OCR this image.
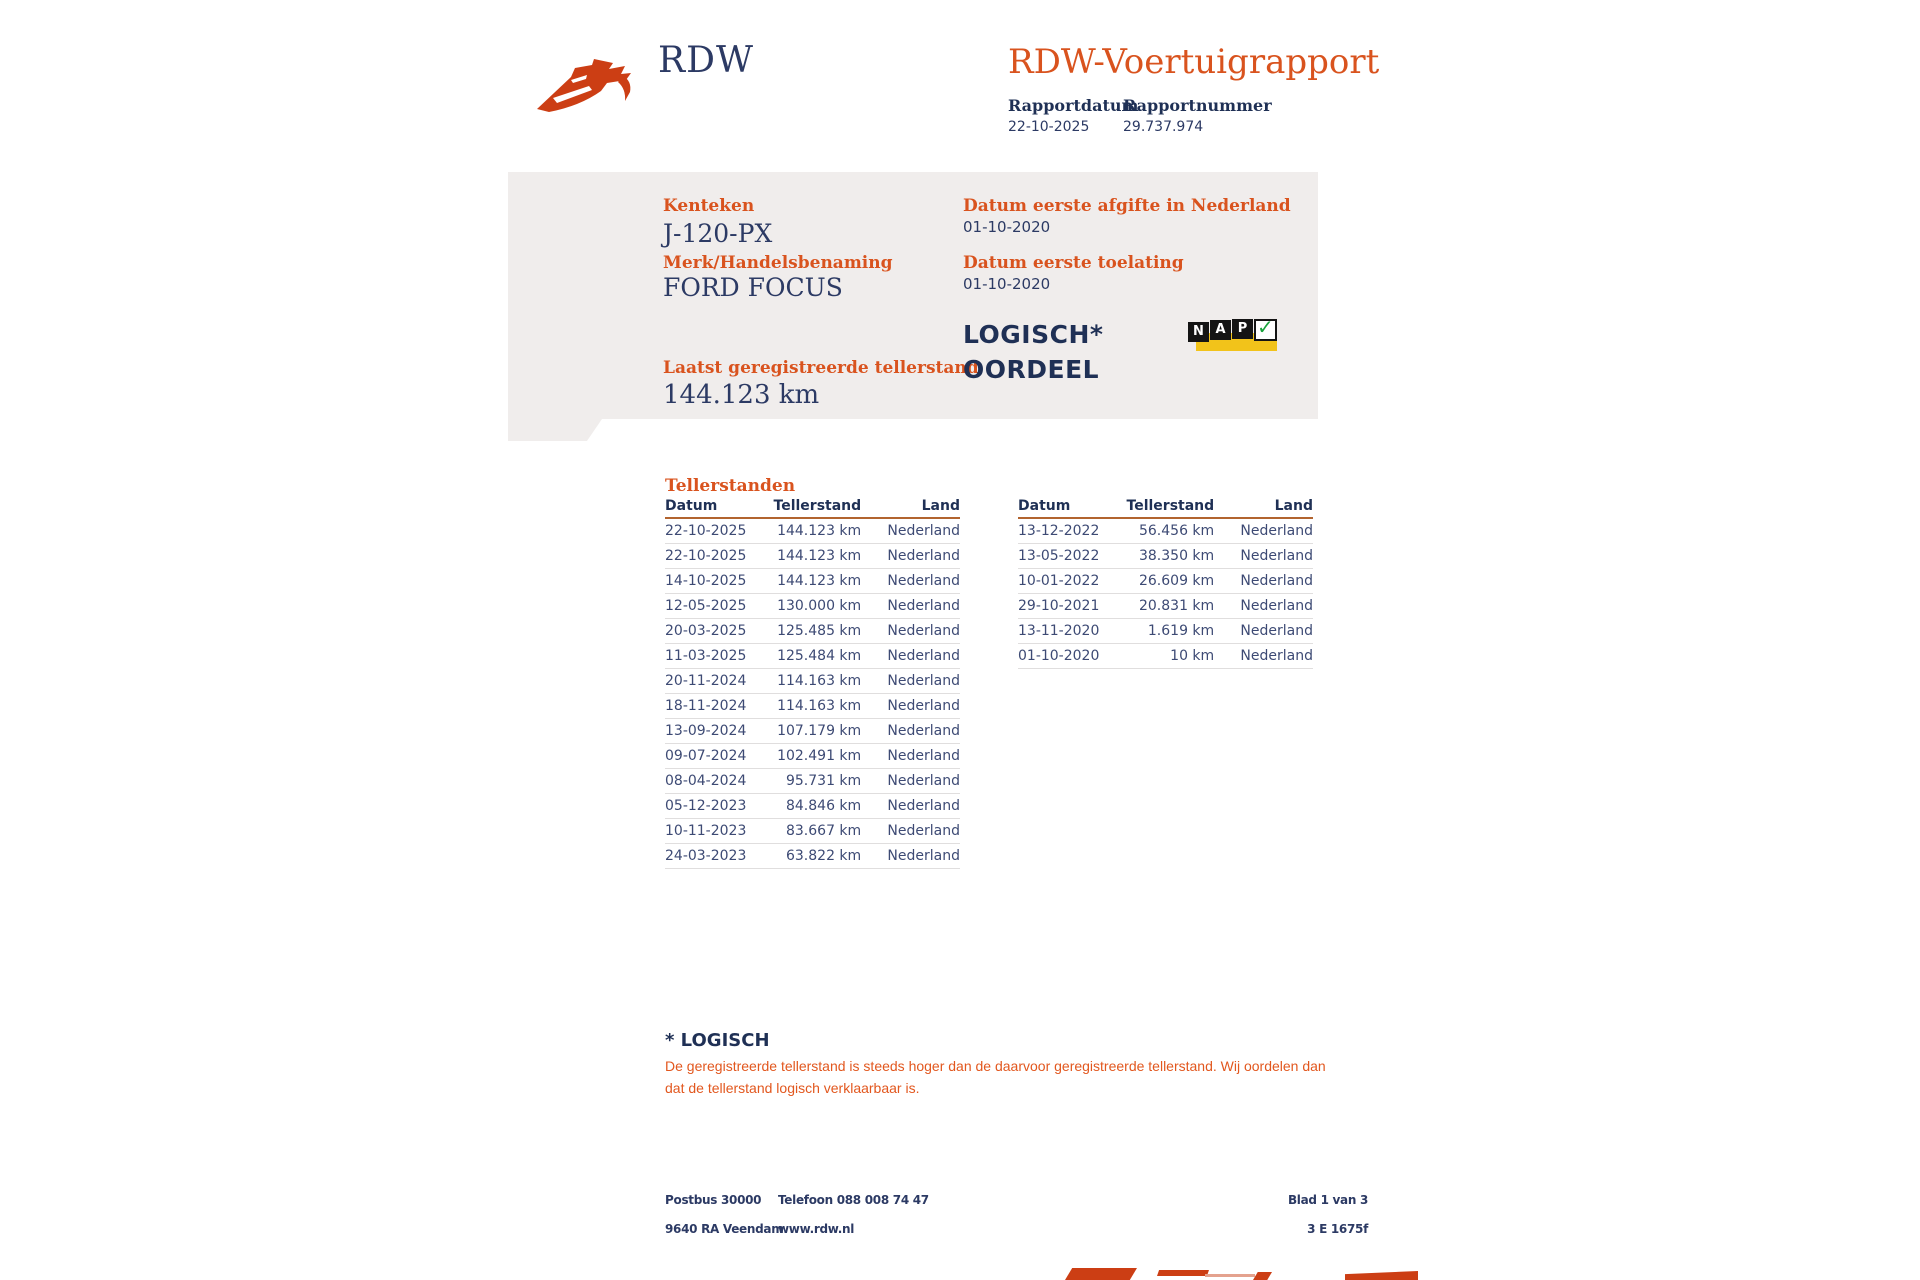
RDW	RDW-Voertuigrapport
Rapportdatum
Rapportnummer
22-10-2025 29.737.974
Kenteken
J-120-PX
Merk/Handelsbenaming
FORD FOCUS
Laatst geregistreerde tellerstand
144.123 km
Datum eerste afgifte in Nederland
01-10-2020
Datum eerste toelating
01-10-2020
LOGISCH*
OORDEEL
N A P ✓
Tellerstanden
Datum	Tellerstand	Land
22-10-2025	144.123 km	Nederland
22-10-2025	144.123 km	Nederland
14-10-2025	144.123 km	Nederland
12-05-2025	130.000 km	Nederland
20-03-2025	125.485 km	Nederland
11-03-2025	125.484 km	Nederland
20-11-2024	114.163 km	Nederland
18-11-2024	114.163 km	Nederland
13-09-2024	107.179 km	Nederland
09-07-2024	102.491 km	Nederland
08-04-2024	95.731 km	Nederland
05-12-2023	84.846 km	Nederland
10-11-2023	83.667 km	Nederland
24-03-2023	63.822 km	Nederland
Datum	Tellerstand	Land
13-12-2022	56.456 km	Nederland
13-05-2022	38.350 km	Nederland
10-01-2022	26.609 km	Nederland
29-10-2021	20.831 km	Nederland
13-11-2020	1.619 km	Nederland
01-10-2020	10 km	Nederland
* LOGISCH
De geregistreerde tellerstand is steeds hoger dan de daarvoor geregistreerde tellerstand. Wij oordelen dan
dat de tellerstand logisch verklaarbaar is.
Postbus 30000
9640 RA Veendam
Telefoon 088 008 74 47
www.rdw.nl
Blad 1 van 3
3 E 1675f
